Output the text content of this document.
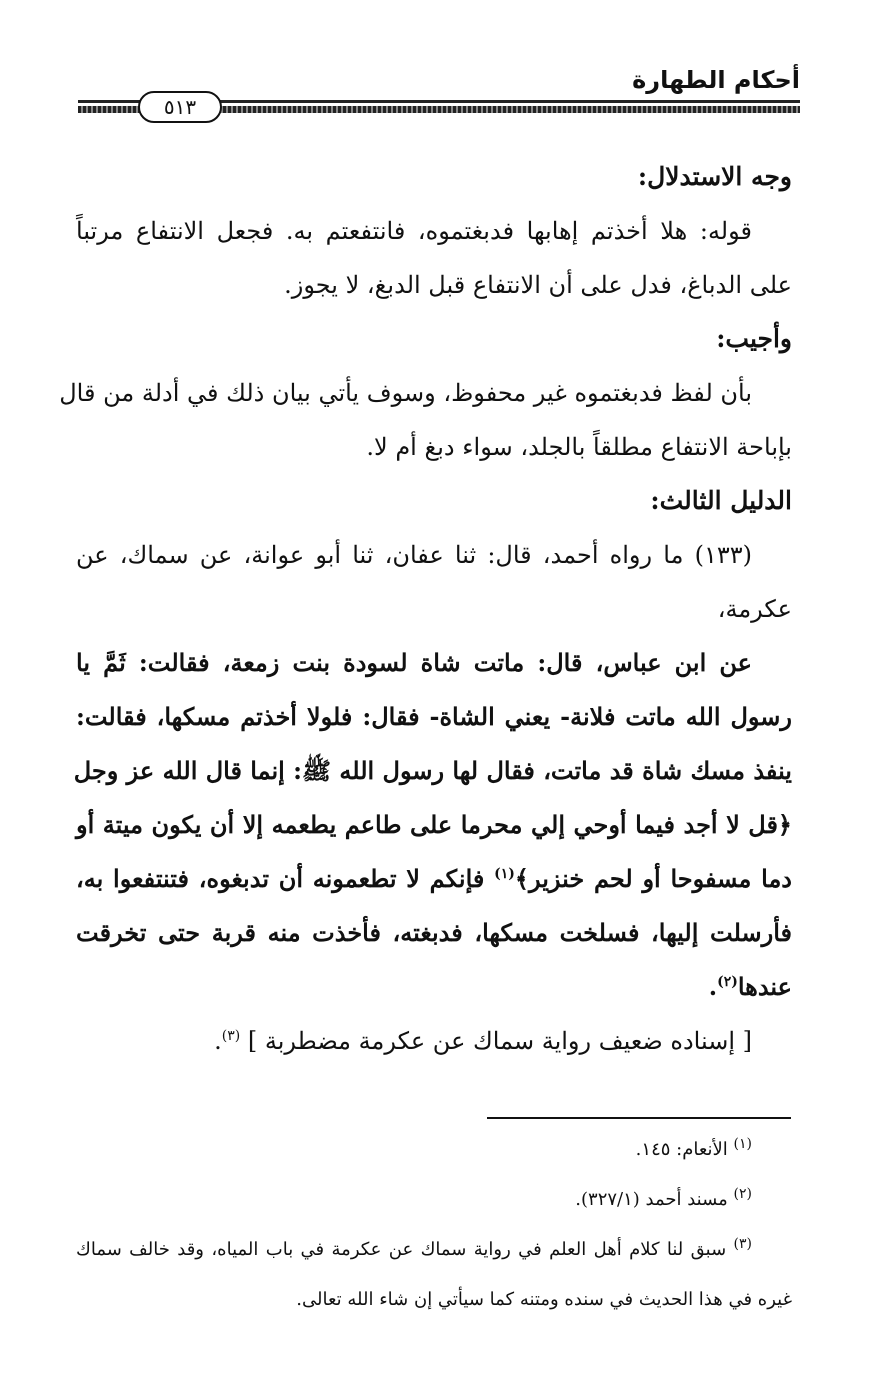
أحكام الطهارة
٥١٣
وجه الاستدلال:
قوله: هلا أخذتم إهابها فدبغتموه، فانتفعتم به. فجعل الانتفاع مرتباً
على الدباغ، فدل على أن الانتفاع قبل الدبغ، لا يجوز.
وأجيب:
بأن لفظ فدبغتموه غير محفوظ، وسوف يأتي بيان ذلك في أدلة من قال
بإباحة الانتفاع مطلقاً بالجلد، سواء دبغ أم لا.
الدليل الثالث:
(١٣٣) ما رواه أحمد، قال: ثنا عفان، ثنا أبو عوانة، عن سماك، عن
عكرمة،
عن ابن عباس، قال: ماتت شاة لسودة بنت زمعة، فقالت: ثَمَّ يا
رسول الله ماتت فلانة- يعني الشاة- فقال: فلولا أخذتم مسكها، فقالت:
ينفذ مسك شاة قد ماتت، فقال لها رسول الله ﷺ: إنما قال الله عز وجل
﴿قل لا أجد فيما أوحي إلي محرما على طاعم يطعمه إلا أن يكون ميتة أو
دما مسفوحا أو لحم خنزير﴾$^{(١)}$ فإنكم لا تطعمونه أن تدبغوه، فتنتفعوا به،
فأرسلت إليها، فسلخت مسكها، فدبغته، فأخذت منه قربة حتى تخرقت
عندها$^{(٢)}$.
[ إسناده ضعيف رواية سماك عن عكرمة مضطربة ] $^{(٣)}$.
$^{(١)}$ الأنعام: ١٤٥.
$^{(٢)}$ مسند أحمد (٣٢٧/١).
$^{(٣)}$ سبق لنا كلام أهل العلم في رواية سماك عن عكرمة في باب المياه، وقد خالف سماك
غيره في هذا الحديث في سنده ومتنه كما سيأتي إن شاء الله تعالى.
